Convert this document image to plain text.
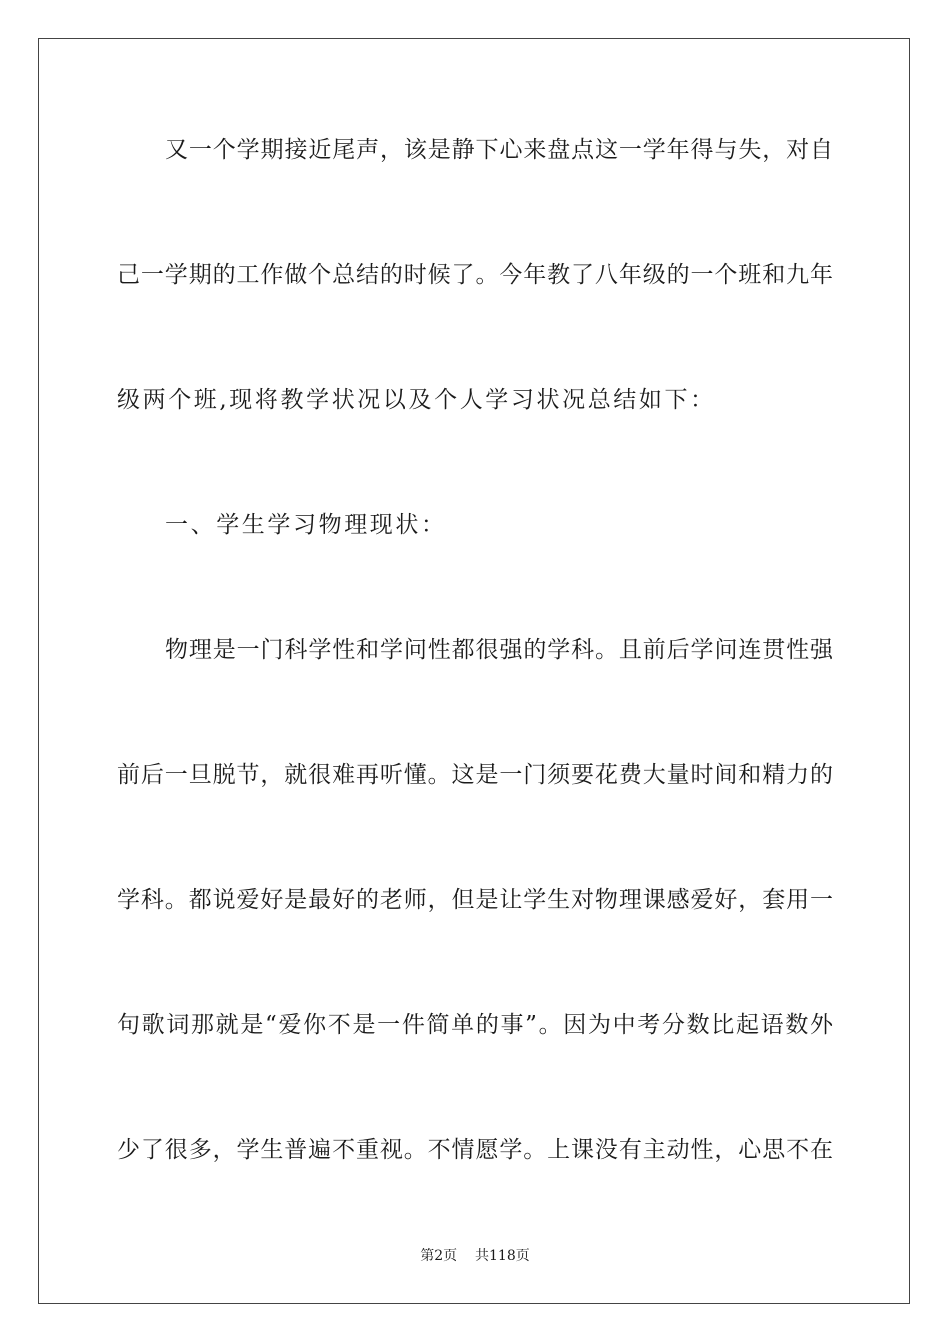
又一个学期接近尾声，该是静下心来盘点这一学年得与失，对自
己一学期的工作做个总结的时候了。今年教了八年级的一个班和九年
级两个班,现将教学状况以及个人学习状况总结如下：
一、学生学习物理现状：
物理是一门科学性和学问性都很强的学科。且前后学问连贯性强
前后一旦脱节，就很难再听懂。这是一门须要花费大量时间和精力的
学科。都说爱好是最好的老师，但是让学生对物理课感爱好，套用一
句歌词那就是“爱你不是一件简单的事”。因为中考分数比起语数外
少了很多，学生普遍不重视。不情愿学。上课没有主动性，心思不在
第2页 共118页
